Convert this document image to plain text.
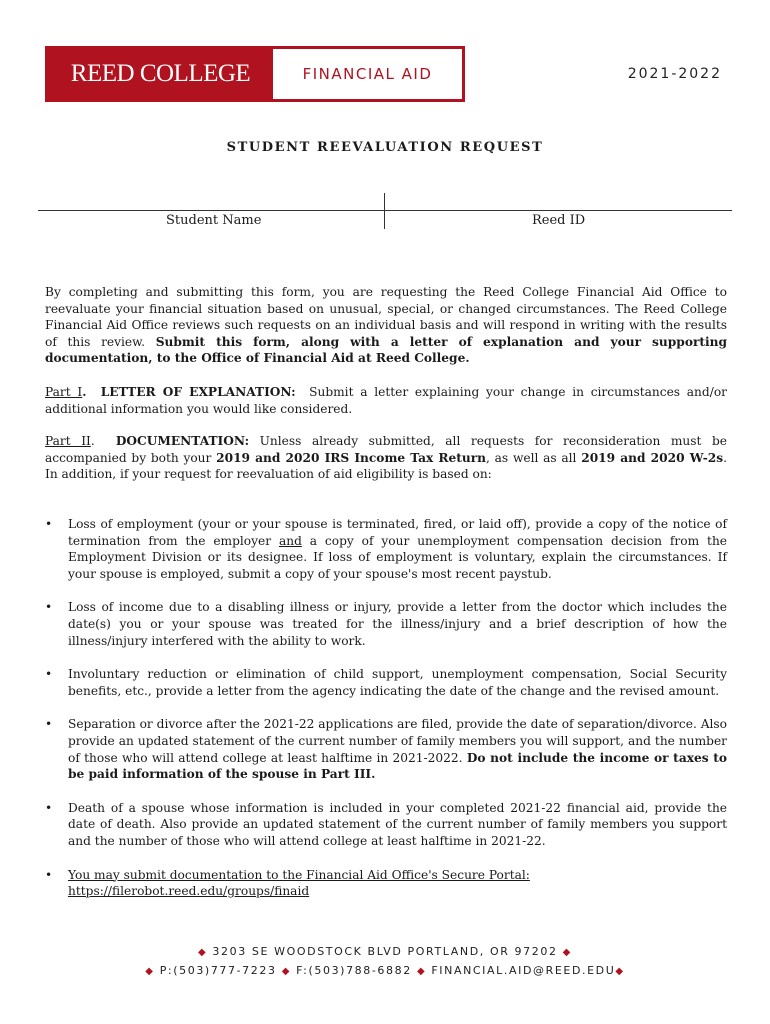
REED COLLEGE	FINANCIAL AID	2021-2022
STUDENT REEVALUATION REQUEST
Student Name	Reed ID
By completing and submitting this form, you are requesting the Reed College Financial Aid Office to reevaluate your financial situation based on unusual, special, or changed circumstances. The Reed College Financial Aid Office reviews such requests on an individual basis and will respond in writing with the results of this review. Submit this form, along with a letter of explanation and your supporting documentation, to the Office of Financial Aid at Reed College.
Part I.  LETTER OF EXPLANATION: Submit a letter explaining your change in circumstances and/or additional information you would like considered.
Part II.  DOCUMENTATION: Unless already submitted, all requests for reconsideration must be accompanied by both your 2019 and 2020 IRS Income Tax Return, as well as all 2019 and 2020 W-2s. In addition, if your request for reevaluation of aid eligibility is based on:
• Loss of employment (your or your spouse is terminated, fired, or laid off), provide a copy of the notice of termination from the employer and a copy of your unemployment compensation decision from the Employment Division or its designee. If loss of employment is voluntary, explain the circumstances. If your spouse is employed, submit a copy of your spouse's most recent paystub.
• Loss of income due to a disabling illness or injury, provide a letter from the doctor which includes the date(s) you or your spouse was treated for the illness/injury and a brief description of how the illness/injury interfered with the ability to work.
• Involuntary reduction or elimination of child support, unemployment compensation, Social Security benefits, etc., provide a letter from the agency indicating the date of the change and the revised amount.
• Separation or divorce after the 2021-22 applications are filed, provide the date of separation/divorce. Also provide an updated statement of the current number of family members you will support, and the number of those who will attend college at least halftime in 2021-2022. Do not include the income or taxes to be paid information of the spouse in Part III.
• Death of a spouse whose information is included in your completed 2021-22 financial aid, provide the date of death. Also provide an updated statement of the current number of family members you support and the number of those who will attend college at least halftime in 2021-22.
• You may submit documentation to the Financial Aid Office's Secure Portal: https://filerobot.reed.edu/groups/finaid
◆ 3203 SE WOODSTOCK BLVD PORTLAND, OR 97202 ◆
◆ P:(503)777-7223 ◆ F:(503)788-6882 ◆ FINANCIAL.AID@REED.EDU◆
